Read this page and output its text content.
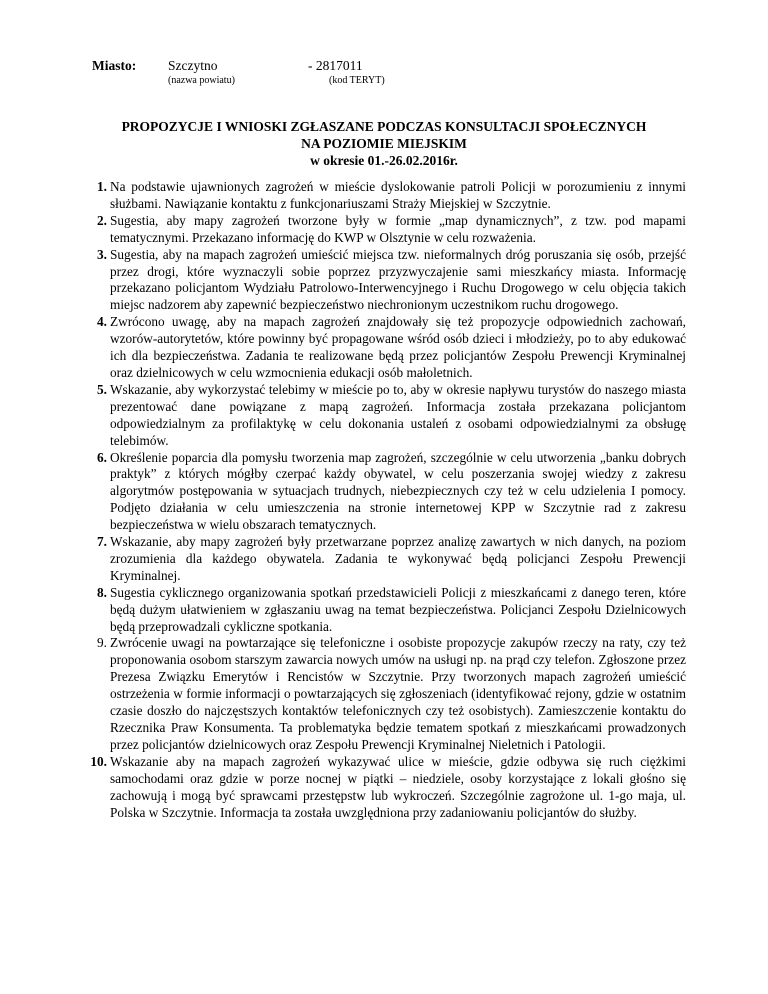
Miasto: Szczytno
(nazwa powiatu)
- 2817011
(kod TERYT)
PROPOZYCJE I WNIOSKI ZGŁASZANE PODCZAS KONSULTACJI SPOŁECZNYCH
NA POZIOMIE MIEJSKIM
w okresie 01.-26.02.2016r.
1. Na podstawie ujawnionych zagrożeń w mieście dyslokowanie patroli Policji w porozumieniu z innymi służbami. Nawiązanie kontaktu z funkcjonariuszami Straży Miejskiej w Szczytnie.
2. Sugestia, aby mapy zagrożeń tworzone były w formie „map dynamicznych”, z tzw. pod mapami tematycznymi. Przekazano informację do KWP w Olsztynie w celu rozważenia.
3. Sugestia, aby na mapach zagrożeń umieścić miejsca tzw. nieformalnych dróg poruszania się osób, przejść przez drogi, które wyznaczyli sobie poprzez przyzwyczajenie sami mieszkańcy miasta. Informację przekazano policjantom Wydziału Patrolowo-Interwencyjnego i Ruchu Drogowego w celu objęcia takich miejsc nadzorem aby zapewnić bezpieczeństwo niechronionym uczestnikom ruchu drogowego.
4. Zwrócono uwagę, aby na mapach zagrożeń znajdowały się też propozycje odpowiednich zachowań, wzorów-autorytetów, które powinny być propagowane wśród osób dzieci i młodzieży, po to aby edukować ich dla bezpieczeństwa. Zadania te realizowane będą przez policjantów Zespołu Prewencji Kryminalnej oraz dzielnicowych w celu wzmocnienia edukacji osób małoletnich.
5. Wskazanie, aby wykorzystać telebimy w mieście po to, aby w okresie napływu turystów do naszego miasta prezentować dane powiązane z mapą zagrożeń. Informacja została przekazana policjantom odpowiedzialnym za profilaktykę w celu dokonania ustaleń z osobami odpowiedzialnymi za obsługę telebimów.
6. Określenie poparcia dla pomysłu tworzenia map zagrożeń, szczególnie w celu utworzenia „banku dobrych praktyk” z których mógłby czerpać każdy obywatel, w celu poszerzania swojej wiedzy z zakresu algorytmów postępowania w sytuacjach trudnych, niebezpiecznych czy też w celu udzielenia I pomocy. Podjęto działania w celu umieszczenia na stronie internetowej KPP w Szczytnie rad z zakresu bezpieczeństwa w wielu obszarach tematycznych.
7. Wskazanie, aby mapy zagrożeń były przetwarzane poprzez analizę zawartych w nich danych, na poziom zrozumienia dla każdego obywatela. Zadania te wykonywać będą policjanci Zespołu Prewencji Kryminalnej.
8. Sugestia cyklicznego organizowania spotkań przedstawicieli Policji z mieszkańcami z danego teren, które będą dużym ułatwieniem w zgłaszaniu uwag na temat bezpieczeństwa. Policjanci Zespołu Dzielnicowych będą przeprowadzali cykliczne spotkania.
9. Zwrócenie uwagi na powtarzające się telefoniczne i osobiste propozycje zakupów rzeczy na raty, czy też proponowania osobom starszym zawarcia nowych umów na usługi np. na prąd czy telefon. Zgłoszone przez Prezesa Związku Emerytów i Rencistów w Szczytnie. Przy tworzonych mapach zagrożeń umieścić ostrzeżenia w formie informacji o powtarzających się zgłoszeniach (identyfikować rejony, gdzie w ostatnim czasie doszło do najczęstszych kontaktów telefonicznych czy też osobistych). Zamieszczenie kontaktu do Rzecznika Praw Konsumenta. Ta problematyka będzie tematem spotkań z mieszkańcami prowadzonych przez policjantów dzielnicowych oraz Zespołu Prewencji Kryminalnej Nieletnich i Patologii.
10. Wskazanie aby na mapach zagrożeń wykazywać ulice w mieście, gdzie odbywa się ruch ciężkimi samochodami oraz gdzie w porze nocnej w piątki – niedziele, osoby korzystające z lokali głośno się zachowują i mogą być sprawcami przestępstw lub wykroczeń. Szczególnie zagrożone ul. 1-go maja, ul. Polska w Szczytnie. Informacja ta została uwzględniona przy zadaniowaniu policjantów do służby.
